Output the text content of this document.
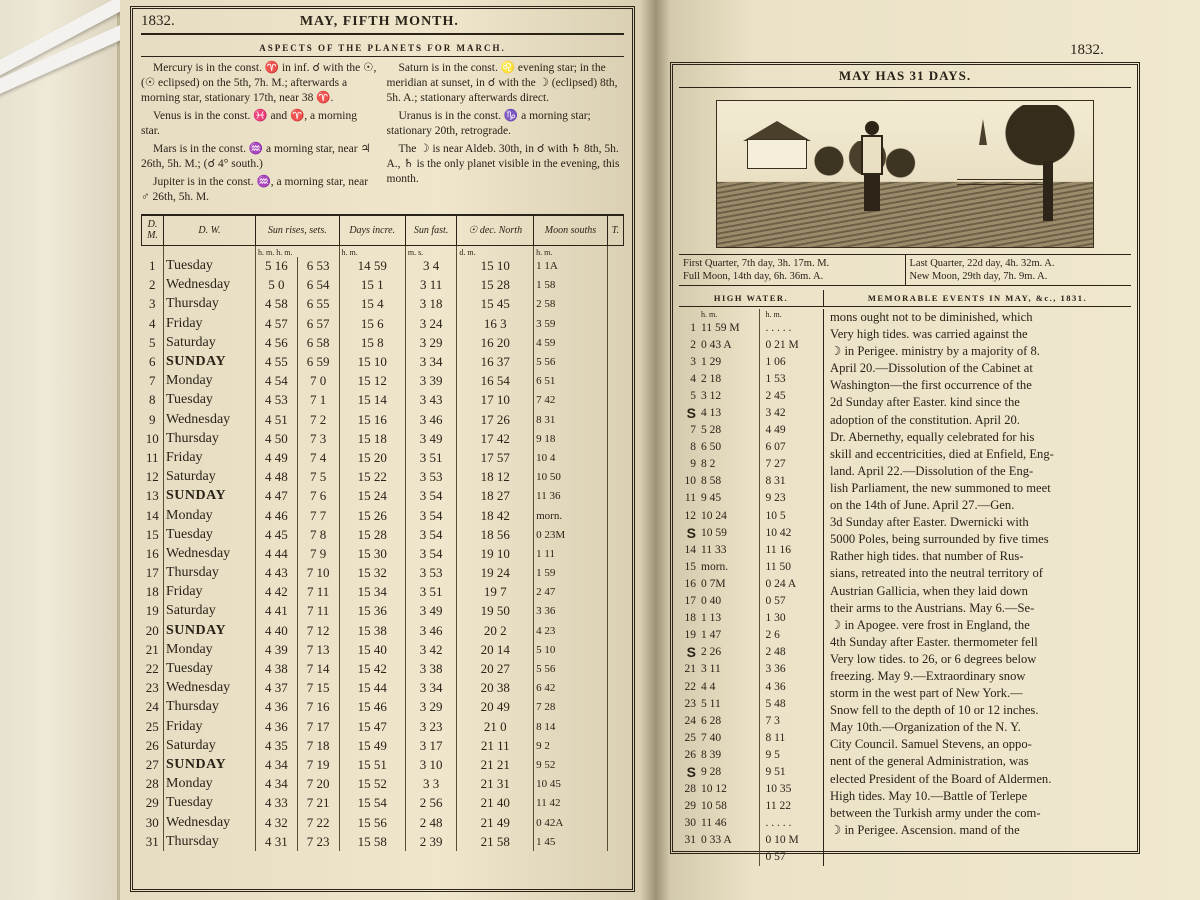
1832.	MAY, FIFTH MONTH.
ASPECTS OF THE PLANETS FOR MARCH.

Mercury is in the const. ♈ in inf. ☌ with the ☉, (☉ eclipsed) on the 5th, 7h. M.; afterwards a morning star, stationary 17th, near 38 ♈.

Venus is in the const. ♓ and ♈, a morning star.

Mars is in the const. ♒ a morning star, near ♃ 26th, 5h. M.; (☌ 4° south.)

Jupiter is in the const. ♒, a morning star, near ♂ 26th, 5h. M.

Saturn is in the const. ♌ evening star; in the meridian at sunset, in ☌ with the ☽ (eclipsed) 8th, 5h. A.; stationary afterwards direct.

Uranus is in the const. ♑ a morning star; stationary 20th, retrograde.

The ☽ is near Aldeb. 30th, in ☌ with ♄ 8th, 5h. A., ♄ is the only planet visible in the evening, this month.

D. M.	D. W.	Sun rises, sets.		Days incre.	Sun fast.	☉ dec. North	Moon souths	T.
		h. m. h. m.		h. m.	m. s.	d. m.	h. m.	
1	Tuesday	5 16	6 53	14 59	3 4	15 10	1 1A	
2	Wednesday	5 0	6 54	15 1	3 11	15 28	1 58	
3	Thursday	4 58	6 55	15 4	3 18	15 45	2 58	
4	Friday	4 57	6 57	15 6	3 24	16 3	3 59	
5	Saturday	4 56	6 58	15 8	3 29	16 20	4 59	
6	SUNDAY	4 55	6 59	15 10	3 34	16 37	5 56	
7	Monday	4 54	7 0	15 12	3 39	16 54	6 51	
8	Tuesday	4 53	7 1	15 14	3 43	17 10	7 42	
9	Wednesday	4 51	7 2	15 16	3 46	17 26	8 31	
10	Thursday	4 50	7 3	15 18	3 49	17 42	9 18	
11	Friday	4 49	7 4	15 20	3 51	17 57	10 4	
12	Saturday	4 48	7 5	15 22	3 53	18 12	10 50	
13	SUNDAY	4 47	7 6	15 24	3 54	18 27	11 36	
14	Monday	4 46	7 7	15 26	3 54	18 42	morn.	
15	Tuesday	4 45	7 8	15 28	3 54	18 56	0 23M	
16	Wednesday	4 44	7 9	15 30	3 54	19 10	1 11	
17	Thursday	4 43	7 10	15 32	3 53	19 24	1 59	
18	Friday	4 42	7 11	15 34	3 51	19 7	2 47	
19	Saturday	4 41	7 11	15 36	3 49	19 50	3 36	
20	SUNDAY	4 40	7 12	15 38	3 46	20 2	4 23	
21	Monday	4 39	7 13	15 40	3 42	20 14	5 10	
22	Tuesday	4 38	7 14	15 42	3 38	20 27	5 56	
23	Wednesday	4 37	7 15	15 44	3 34	20 38	6 42	
24	Thursday	4 36	7 16	15 46	3 29	20 49	7 28	
25	Friday	4 36	7 17	15 47	3 23	21 0	8 14	
26	Saturday	4 35	7 18	15 49	3 17	21 11	9 2	
27	SUNDAY	4 34	7 19	15 51	3 10	21 21	9 52	
28	Monday	4 34	7 20	15 52	3 3	21 31	10 45	
29	Tuesday	4 33	7 21	15 54	2 56	21 40	11 42	
30	Wednesday	4 32	7 22	15 56	2 48	21 49	0 42A	
31	Thursday	4 31	7 23	15 58	2 39	21 58	1 45	
1832.
MAY HAS 31 DAYS.
First Quarter, 7th day, 3h. 17m. M.
Full Moon, 14th day, 6h. 36m. A.
Last Quarter, 22d day, 4h. 32m. A.
New Moon, 29th day, 7h. 9m. A.
HIGH WATER.	MEMORABLE EVENTS IN MAY, &c., 1831.
	h. m.	h. m.
1	11 59 M	. . . . .
2	0 43 A	0 21 M
3	1 29	1 06
4	2 18	1 53
5	3 12	2 45
S	4 13	3 42
7	5 28	4 49
8	6 50	6 07
9	8 2	7 27
10	8 58	8 31
11	9 45	9 23
12	10 24	10 5
S	10 59	10 42
14	11 33	11 16
15	morn.	11 50
16	0 7M	0 24 A
17	0 40	0 57
18	1 13	1 30
19	1 47	2 6
S	2 26	2 48
21	3 11	3 36
22	4 4	4 36
23	5 11	5 48
24	6 28	7 3
25	7 40	8 11
26	8 39	9 5
S	9 28	9 51
28	10 12	10 35
29	10 58	11 22
30	11 46	. . . . .
31	0 33 A	0 10 M
		0 57
mons ought not to be diminished, which
Very high tides. was carried against the
☽ in Perigee. ministry by a majority of 8.
April 20.—Dissolution of the Cabinet at
Washington—the first occurrence of the
2d Sunday after Easter. kind since the
adoption of the constitution. April 20.
Dr. Abernethy, equally celebrated for his
skill and eccentricities, died at Enfield, Eng-
land. April 22.—Dissolution of the Eng-
lish Parliament, the new summoned to meet
on the 14th of June. April 27.—Gen.
3d Sunday after Easter. Dwernicki with
5000 Poles, being surrounded by five times
Rather high tides. that number of Rus-
sians, retreated into the neutral territory of
Austrian Gallicia, when they laid down
their arms to the Austrians. May 6.—Se-
☽ in Apogee. vere frost in England, the
4th Sunday after Easter. thermometer fell
Very low tides. to 26, or 6 degrees below
freezing. May 9.—Extraordinary snow
storm in the west part of New York.—
Snow fell to the depth of 10 or 12 inches.
May 10th.—Organization of the N. Y.
City Council. Samuel Stevens, an oppo-
nent of the general Administration, was
elected President of the Board of Aldermen.
High tides. May 10.—Battle of Terlepe
between the Turkish army under the com-
☽ in Perigee. Ascension. mand of the
